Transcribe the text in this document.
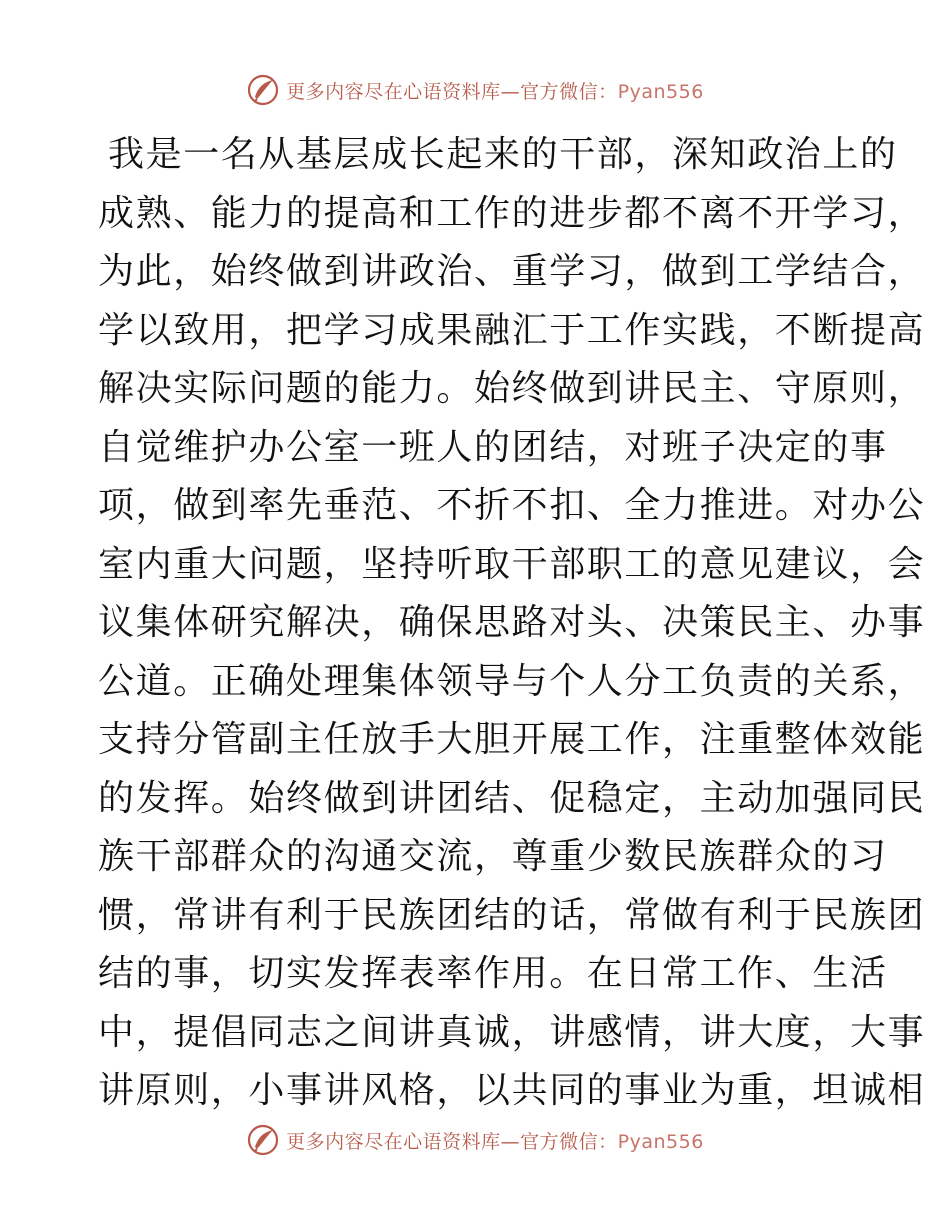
更多内容尽在心语资料库—官方微信：Pyan556
我是一名从基层成长起来的干部，深知政治上的
成熟、能力的提高和工作的进步都不离不开学习，
为此，始终做到讲政治、重学习，做到工学结合，
学以致用，把学习成果融汇于工作实践，不断提高
解决实际问题的能力。始终做到讲民主、守原则，
自觉维护办公室一班人的团结，对班子决定的事
项，做到率先垂范、不折不扣、全力推进。对办公
室内重大问题，坚持听取干部职工的意见建议，会
议集体研究解决，确保思路对头、决策民主、办事
公道。正确处理集体领导与个人分工负责的关系，
支持分管副主任放手大胆开展工作，注重整体效能
的发挥。始终做到讲团结、促稳定，主动加强同民
族干部群众的沟通交流，尊重少数民族群众的习
惯，常讲有利于民族团结的话，常做有利于民族团
结的事，切实发挥表率作用。在日常工作、生活
中，提倡同志之间讲真诚，讲感情，讲大度，大事
讲原则，小事讲风格，以共同的事业为重，坦诚相
更多内容尽在心语资料库—官方微信：Pyan556
